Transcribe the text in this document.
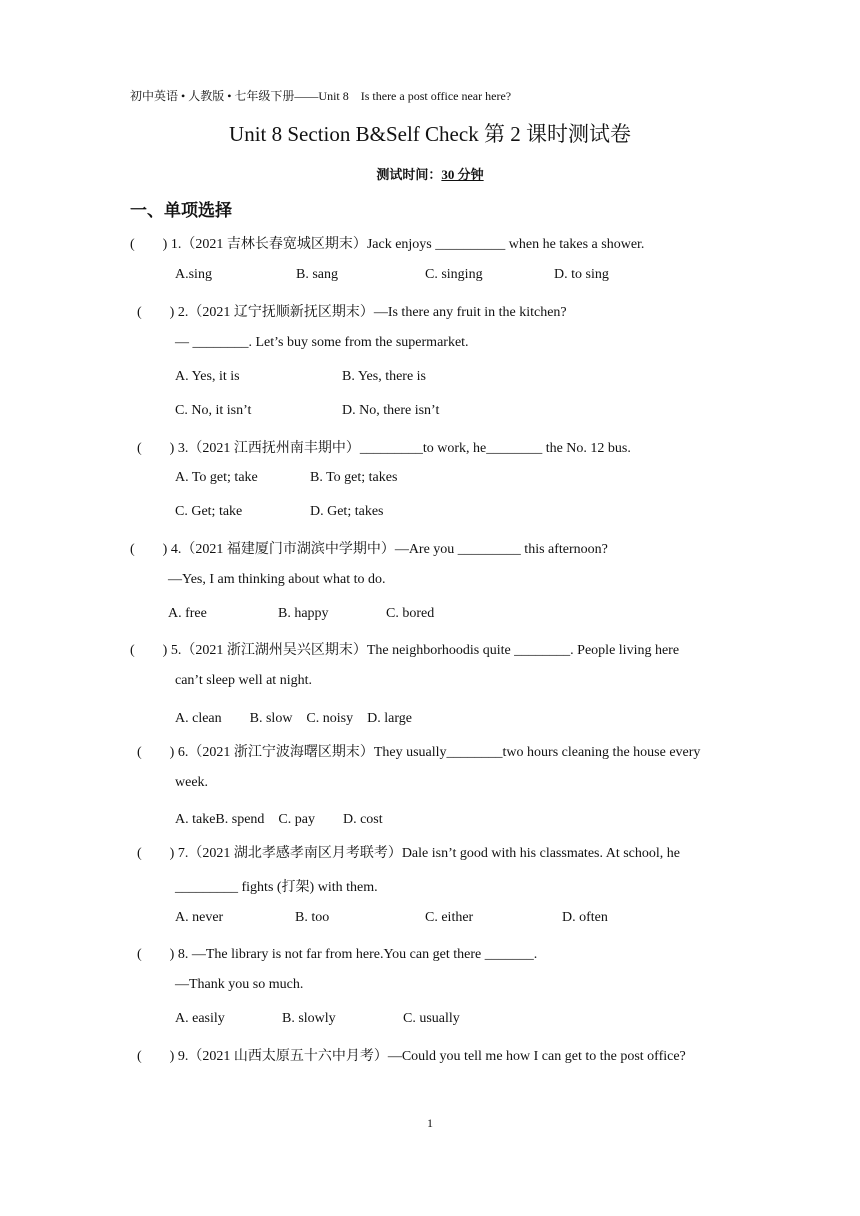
初中英语 • 人教版 • 七年级下册——Unit 8　Is there a post office near here?
Unit 8 Section B&Self Check 第 2 课时测试卷
测试时间：30 分钟
一、单项选择
(　　) 1.（2021 吉林长春宽城区期末）Jack enjoys __________ when he takes a shower.
A.sing	B. sang	C. singing	D. to sing
(　　) 2.（2021 辽宁抚顺新抚区期末）—Is there any fruit in the kitchen?
— ________. Let’s buy some from the supermarket.
A. Yes, it is	B. Yes, there is
C. No, it isn’t	D. No, there isn’t
(　　) 3.（2021 江西抚州南丰期中）_________to work, he________ the No. 12 bus.
A. To get; take	B. To get; takes
C. Get; take	D. Get; takes
(　　) 4.（2021 福建厦门市湖滨中学期中）—Are you _________ this afternoon?
—Yes, I am thinking about what to do.
A. free	B. happy	C. bored
(　　) 5.（2021 浙江湖州吴兴区期末）The neighborhoodis quite ________. People living here
can’t sleep well at night.
A. clean　　B. slow　C. noisy　D. large
(　　) 6.（2021 浙江宁波海曙区期末）They usually________two hours cleaning the house every
week.
A. takeB. spend　C. pay　　D. cost
(　　) 7.（2021 湖北孝感孝南区月考联考）Dale isn’t good with his classmates. At school, he
_________ fights (打架) with them.
A. never	B. too	C. either	D. often
(　　) 8. —The library is not far from here.You can get there _______.
—Thank you so much.
A. easily	B. slowly	C. usually
(　　) 9.（2021 山西太原五十六中月考）—Could you tell me how I can get to the post office?
1
